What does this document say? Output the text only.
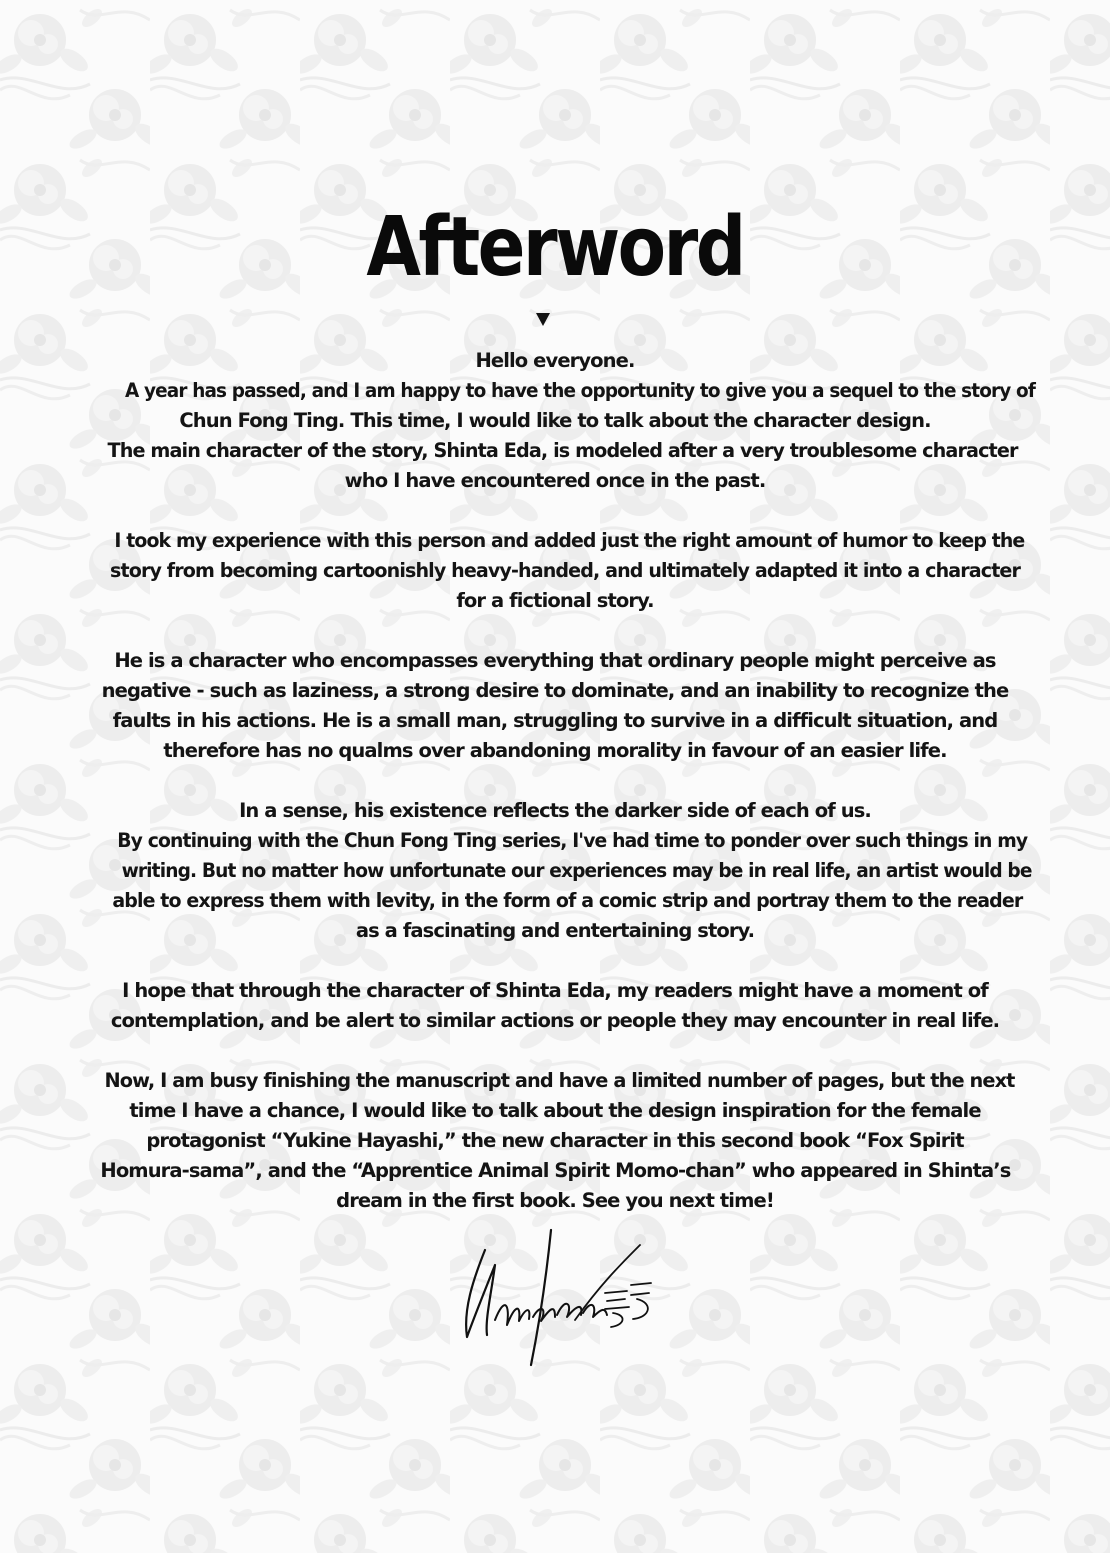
Afterword
Hello everyone.
A year has passed, and I am happy to have the opportunity to give you a sequel to the story of
Chun Fong Ting. This time, I would like to talk about the character design.
The main character of the story, Shinta Eda, is modeled after a very troublesome character
who I have encountered once in the past.
I took my experience with this person and added just the right amount of humor to keep the
story from becoming cartoonishly heavy-handed, and ultimately adapted it into a character
for a fictional story.
He is a character who encompasses everything that ordinary people might perceive as
negative - such as laziness, a strong desire to dominate, and an inability to recognize the
faults in his actions. He is a small man, struggling to survive in a difficult situation, and
therefore has no qualms over abandoning morality in favour of an easier life.
In a sense, his existence reflects the darker side of each of us.
By continuing with the Chun Fong Ting series, I've had time to ponder over such things in my
writing. But no matter how unfortunate our experiences may be in real life, an artist would be
able to express them with levity, in the form of a comic strip and portray them to the reader
as a fascinating and entertaining story.
I hope that through the character of Shinta Eda, my readers might have a moment of
contemplation, and be alert to similar actions or people they may encounter in real life.
Now, I am busy finishing the manuscript and have a limited number of pages, but the next
time I have a chance, I would like to talk about the design inspiration for the female
protagonist “Yukine Hayashi,” the new character in this second book “Fox Spirit
Homura-sama”, and the “Apprentice Animal Spirit Momo-chan” who appeared in Shinta’s
dream in the first book. See you next time!
